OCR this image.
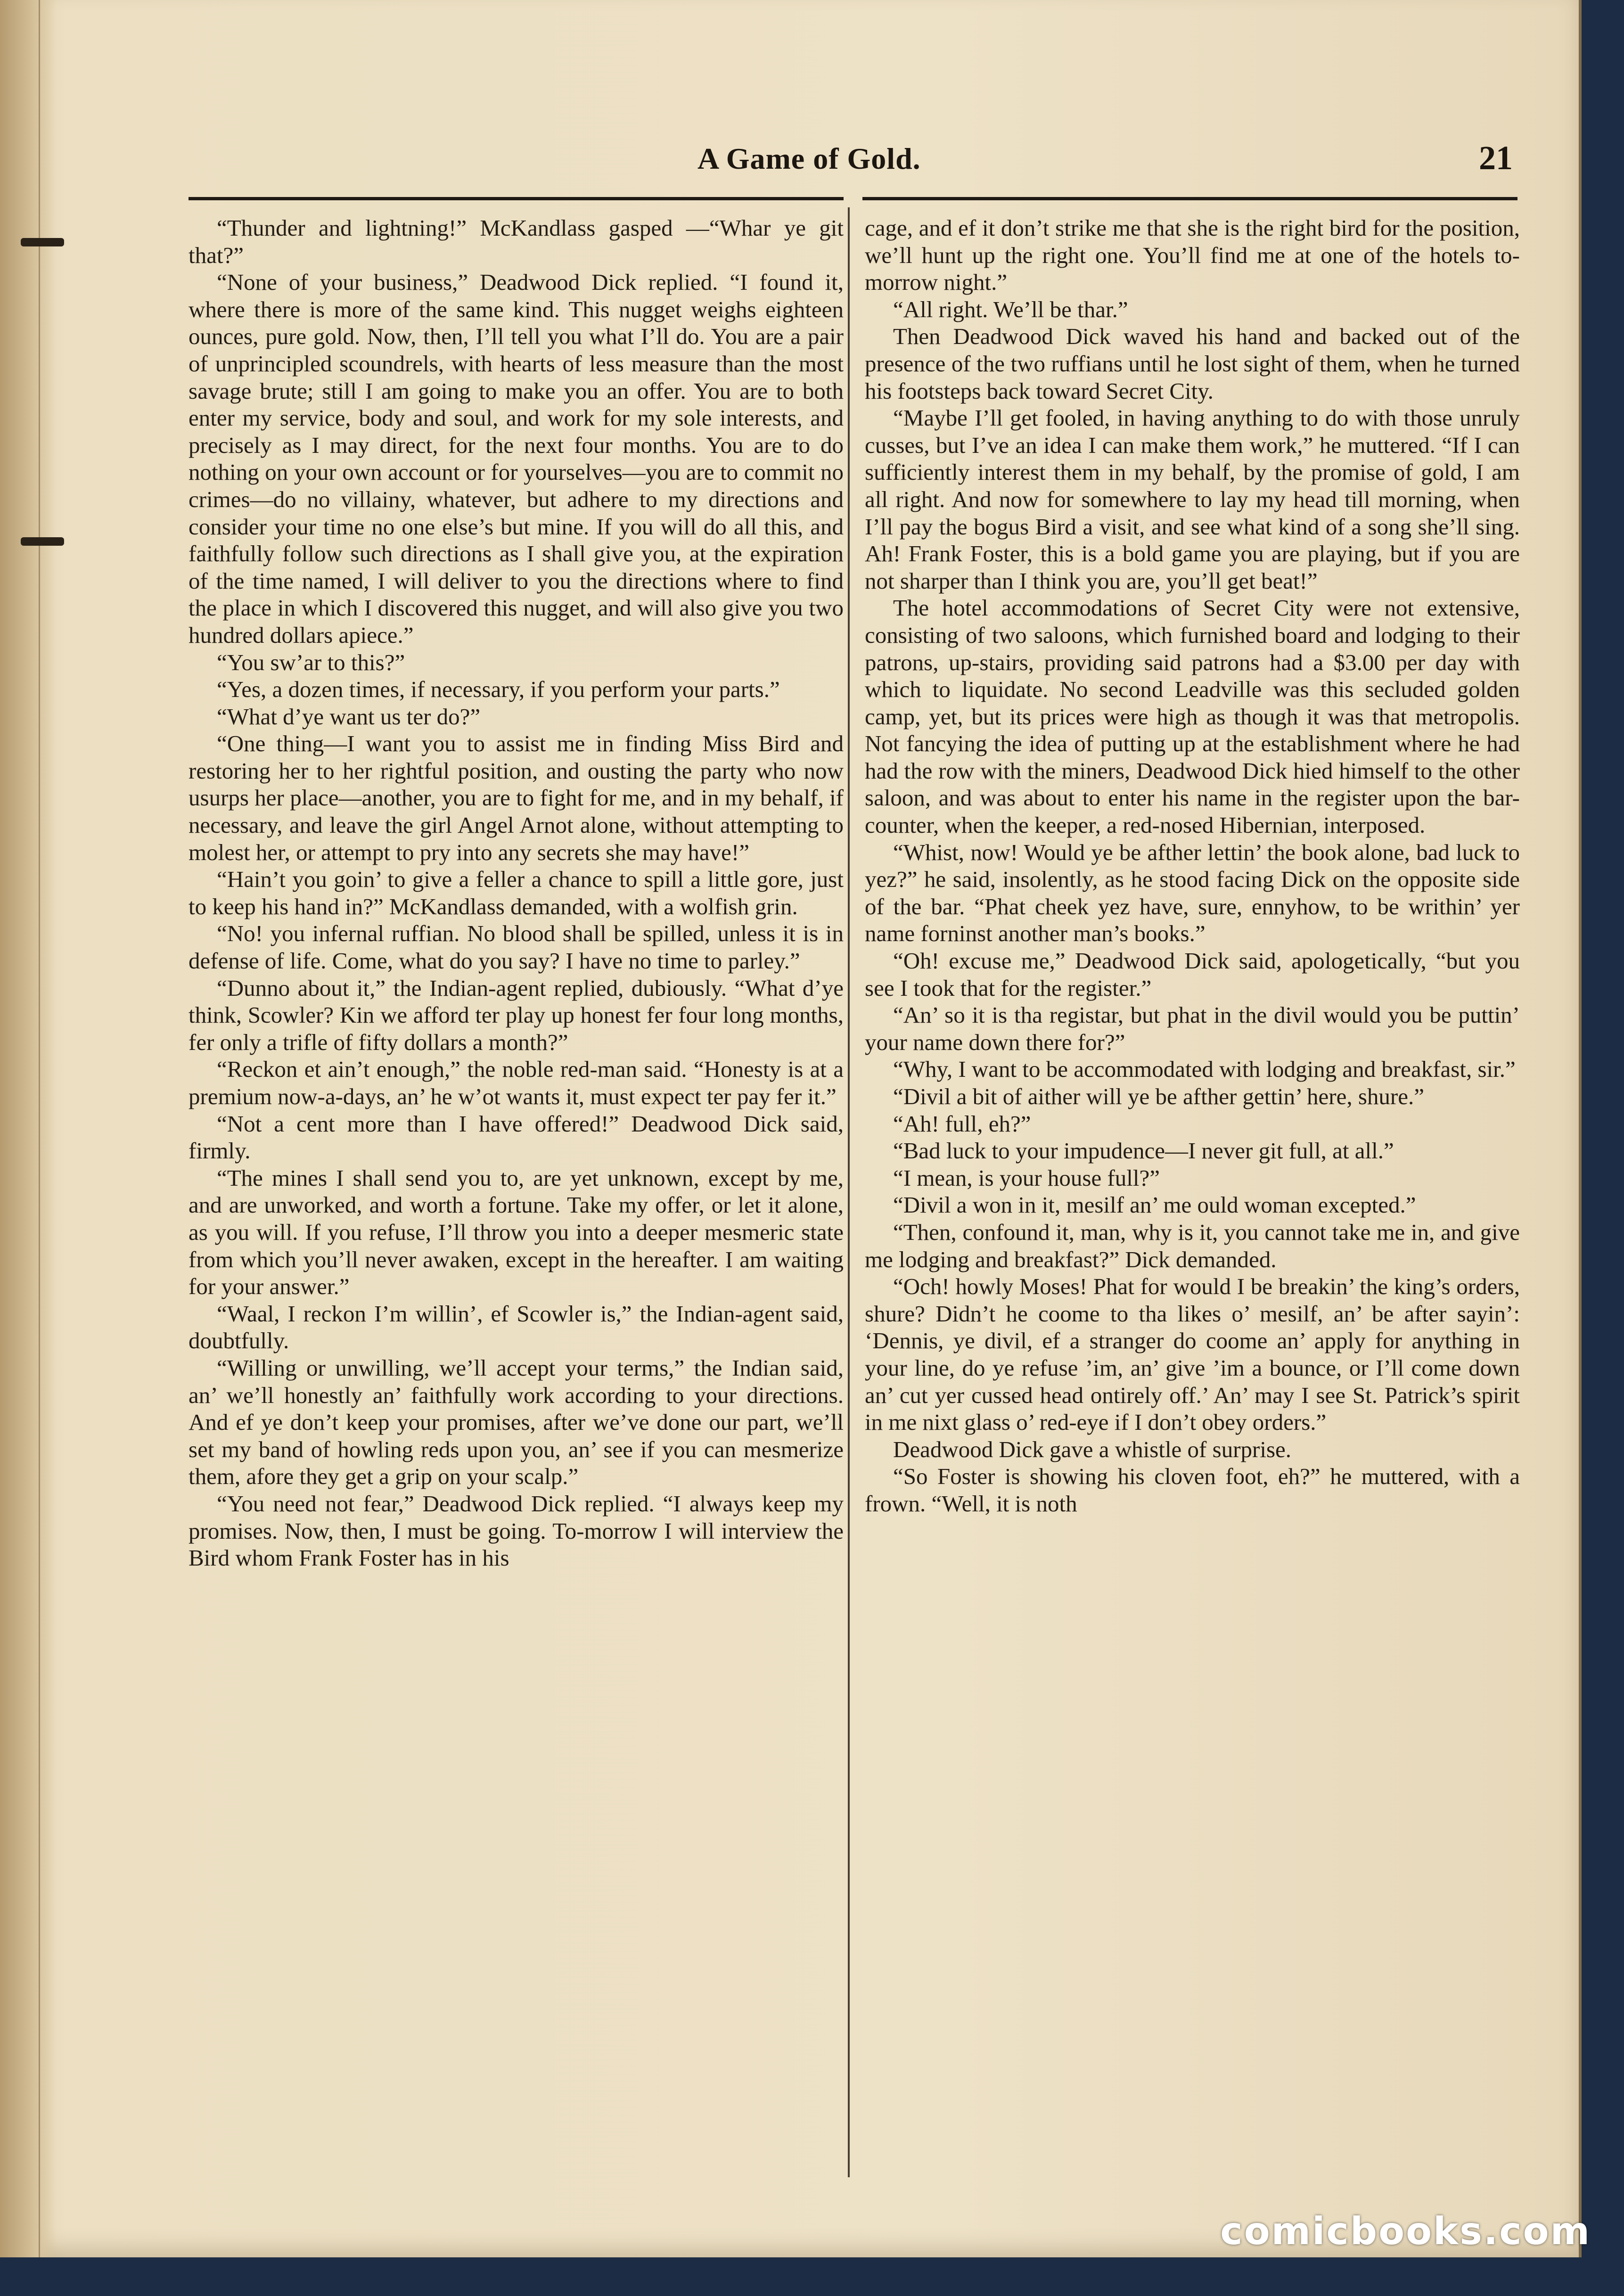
A Game of Gold.	21

“Thunder and lightning!” McKandlass gasped —“Whar ye git that?”

“None of your business,” Deadwood Dick replied. “I found it, where there is more of the same kind. This nugget weighs eighteen ounces, pure gold. Now, then, I’ll tell you what I’ll do. You are a pair of unprincipled scoundrels, with hearts of less measure than the most savage brute; still I am going to make you an offer. You are to both enter my service, body and soul, and work for my sole interests, and precisely as I may direct, for the next four months. You are to do nothing on your own account or for yourselves—you are to commit no crimes—do no villainy, whatever, but adhere to my directions and consider your time no one else’s but mine. If you will do all this, and faithfully follow such directions as I shall give you, at the expiration of the time named, I will deliver to you the directions where to find the place in which I discovered this nugget, and will also give you two hundred dollars apiece.”

“You sw’ar to this?”

“Yes, a dozen times, if necessary, if you perform your parts.”

“What d’ye want us ter do?”

“One thing—I want you to assist me in finding Miss Bird and restoring her to her rightful position, and ousting the party who now usurps her place—another, you are to fight for me, and in my behalf, if necessary, and leave the girl Angel Arnot alone, without attempting to molest her, or attempt to pry into any secrets she may have!”

“Hain’t you goin’ to give a feller a chance to spill a little gore, just to keep his hand in?” McKandlass demanded, with a wolfish grin.

“No! you infernal ruffian. No blood shall be spilled, unless it is in defense of life. Come, what do you say? I have no time to parley.”

“Dunno about it,” the Indian-agent replied, dubiously. “What d’ye think, Scowler? Kin we afford ter play up honest fer four long months, fer only a trifle of fifty dollars a month?”

“Reckon et ain’t enough,” the noble red-man said. “Honesty is at a premium now-a-days, an’ he w’ot wants it, must expect ter pay fer it.”

“Not a cent more than I have offered!” Deadwood Dick said, firmly.

“The mines I shall send you to, are yet unknown, except by me, and are unworked, and worth a fortune. Take my offer, or let it alone, as you will. If you refuse, I’ll throw you into a deeper mesmeric state from which you’ll never awaken, except in the hereafter. I am waiting for your answer.”

“Waal, I reckon I’m willin’, ef Scowler is,” the Indian-agent said, doubtfully.

“Willing or unwilling, we’ll accept your terms,” the Indian said, an’ we’ll honestly an’ faithfully work according to your directions. And ef ye don’t keep your promises, after we’ve done our part, we’ll set my band of howling reds upon you, an’ see if you can mesmerize them, afore they get a grip on your scalp.”

“You need not fear,” Deadwood Dick replied. “I always keep my promises. Now, then, I must be going. To-morrow I will interview the Bird whom Frank Foster has in his

cage, and ef it don’t strike me that she is the right bird for the position, we’ll hunt up the right one. You’ll find me at one of the hotels to-morrow night.”

“All right. We’ll be thar.”

Then Deadwood Dick waved his hand and backed out of the presence of the two ruffians until he lost sight of them, when he turned his footsteps back toward Secret City.

“Maybe I’ll get fooled, in having anything to do with those unruly cusses, but I’ve an idea I can make them work,” he muttered. “If I can sufficiently interest them in my behalf, by the promise of gold, I am all right. And now for somewhere to lay my head till morning, when I’ll pay the bogus Bird a visit, and see what kind of a song she’ll sing. Ah! Frank Foster, this is a bold game you are playing, but if you are not sharper than I think you are, you’ll get beat!”

The hotel accommodations of Secret City were not extensive, consisting of two saloons, which furnished board and lodging to their patrons, up-stairs, providing said patrons had a $3.00 per day with which to liquidate. No second Leadville was this secluded golden camp, yet, but its prices were high as though it was that metropolis. Not fancying the idea of putting up at the establishment where he had had the row with the miners, Deadwood Dick hied himself to the other saloon, and was about to enter his name in the register upon the bar-counter, when the keeper, a red-nosed Hibernian, interposed.

“Whist, now! Would ye be afther lettin’ the book alone, bad luck to yez?” he said, insolently, as he stood facing Dick on the opposite side of the bar. “Phat cheek yez have, sure, ennyhow, to be writhin’ yer name forninst another man’s books.”

“Oh! excuse me,” Deadwood Dick said, apologetically, “but you see I took that for the register.”

“An’ so it is tha registar, but phat in the divil would you be puttin’ your name down there for?”

“Why, I want to be accommodated with lodging and breakfast, sir.”

“Divil a bit of aither will ye be afther gettin’ here, shure.”

“Ah! full, eh?”

“Bad luck to your impudence—I never git full, at all.”

“I mean, is your house full?”

“Divil a won in it, mesilf an’ me ould woman excepted.”

“Then, confound it, man, why is it, you cannot take me in, and give me lodging and breakfast?” Dick demanded.

“Och! howly Moses! Phat for would I be breakin’ the king’s orders, shure? Didn’t he coome to tha likes o’ mesilf, an’ be after sayin’: ‘Dennis, ye divil, ef a stranger do coome an’ apply for anything in your line, do ye refuse ’im, an’ give ’im a bounce, or I’ll come down an’ cut yer cussed head ontirely off.’ An’ may I see St. Patrick’s spirit in me nixt glass o’ red-eye if I don’t obey orders.”

Deadwood Dick gave a whistle of surprise.

“So Foster is showing his cloven foot, eh?” he muttered, with a frown. “Well, it is noth

comicbooks.com
